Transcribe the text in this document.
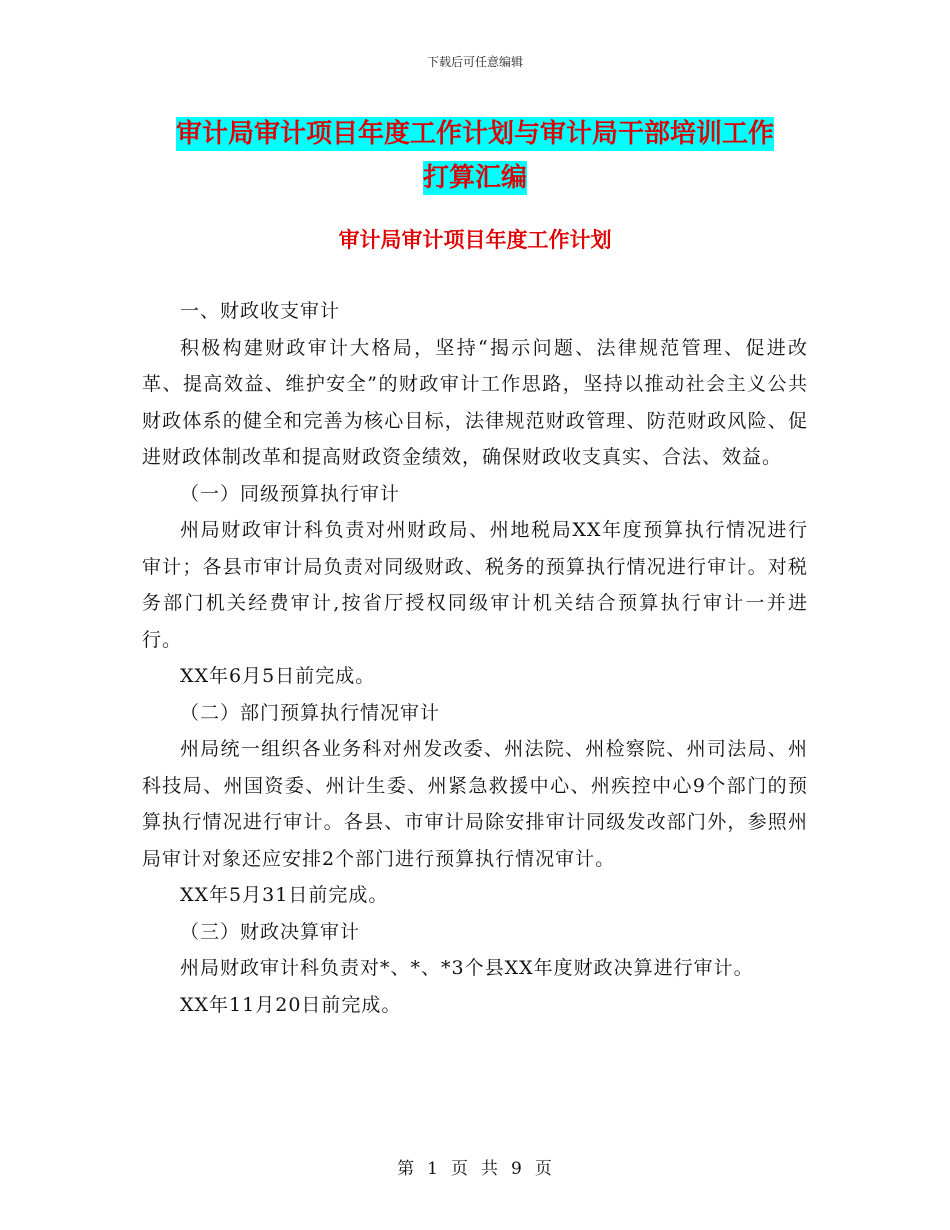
下载后可任意编辑
审计局审计项目年度工作计划与审计局干部培训工作
打算汇编
审计局审计项目年度工作计划

一、财政收支审计

积极构建财政审计大格局，坚持“揭示问题、法律规范管理、促进改革、提高效益、维护安全”的财政审计工作思路，坚持以推动社会主义公共财政体系的健全和完善为核心目标，法律规范财政管理、防范财政风险、促进财政体制改革和提高财政资金绩效，确保财政收支真实、合法、效益。

（一）同级预算执行审计

州局财政审计科负责对州财政局、州地税局XX年度预算执行情况进行审计；各县市审计局负责对同级财政、税务的预算执行情况进行审计。对税务部门机关经费审计,按省厅授权同级审计机关结合预算执行审计一并进行。

XX年6月5日前完成。

（二）部门预算执行情况审计

州局统一组织各业务科对州发改委、州法院、州检察院、州司法局、州科技局、州国资委、州计生委、州紧急救援中心、州疾控中心9个部门的预算执行情况进行审计。各县、市审计局除安排审计同级发改部门外，参照州局审计对象还应安排2个部门进行预算执行情况审计。

XX年5月31日前完成。

（三）财政决算审计

州局财政审计科负责对*、*、*3个县XX年度财政决算进行审计。

XX年11月20日前完成。

第 1 页 共 9 页
